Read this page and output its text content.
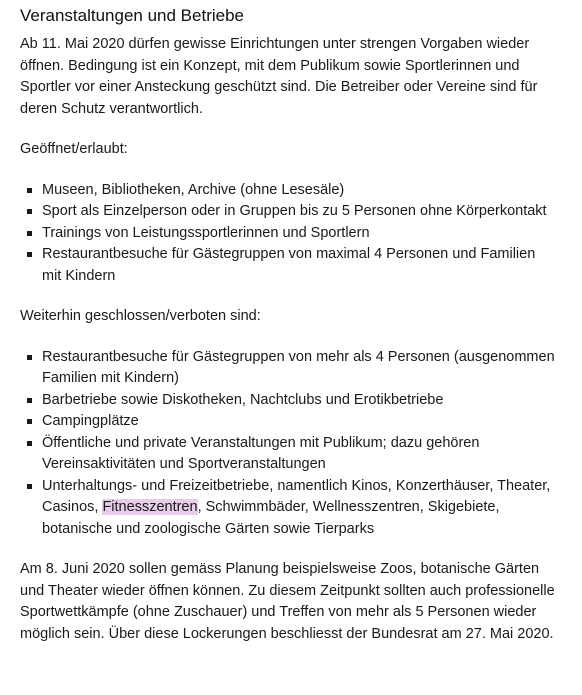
Veranstaltungen und Betriebe

Ab 11. Mai 2020 dürfen gewisse Einrichtungen unter strengen Vorgaben wieder öffnen. Bedingung ist ein Konzept, mit dem Publikum sowie Sportlerinnen und Sportler vor einer Ansteckung geschützt sind. Die Betreiber oder Vereine sind für deren Schutz verantwortlich.

Geöffnet/erlaubt:

Museen, Bibliotheken, Archive (ohne Lesesäle)
Sport als Einzelperson oder in Gruppen bis zu 5 Personen ohne Körperkontakt
Trainings von Leistungssportlerinnen und Sportlern
Restaurantbesuche für Gästegruppen von maximal 4 Personen und Familien mit Kindern

Weiterhin geschlossen/verboten sind:

Restaurantbesuche für Gästegruppen von mehr als 4 Personen (ausgenommen Familien mit Kindern)
Barbetriebe sowie Diskotheken, Nachtclubs und Erotikbetriebe
Campingplätze
Öffentliche und private Veranstaltungen mit Publikum; dazu gehören Vereinsaktivitäten und Sportveranstaltungen
Unterhaltungs- und Freizeitbetriebe, namentlich Kinos, Konzerthäuser, Theater, Casinos, Fitnesszentren, Schwimmbäder, Wellnesszentren, Skigebiete, botanische und zoologische Gärten sowie Tierparks

Am 8. Juni 2020 sollen gemäss Planung beispielsweise Zoos, botanische Gärten und Theater wieder öffnen können. Zu diesem Zeitpunkt sollten auch professionelle Sportwettkämpfe (ohne Zuschauer) und Treffen von mehr als 5 Personen wieder möglich sein. Über diese Lockerungen beschliesst der Bundesrat am 27. Mai 2020.
